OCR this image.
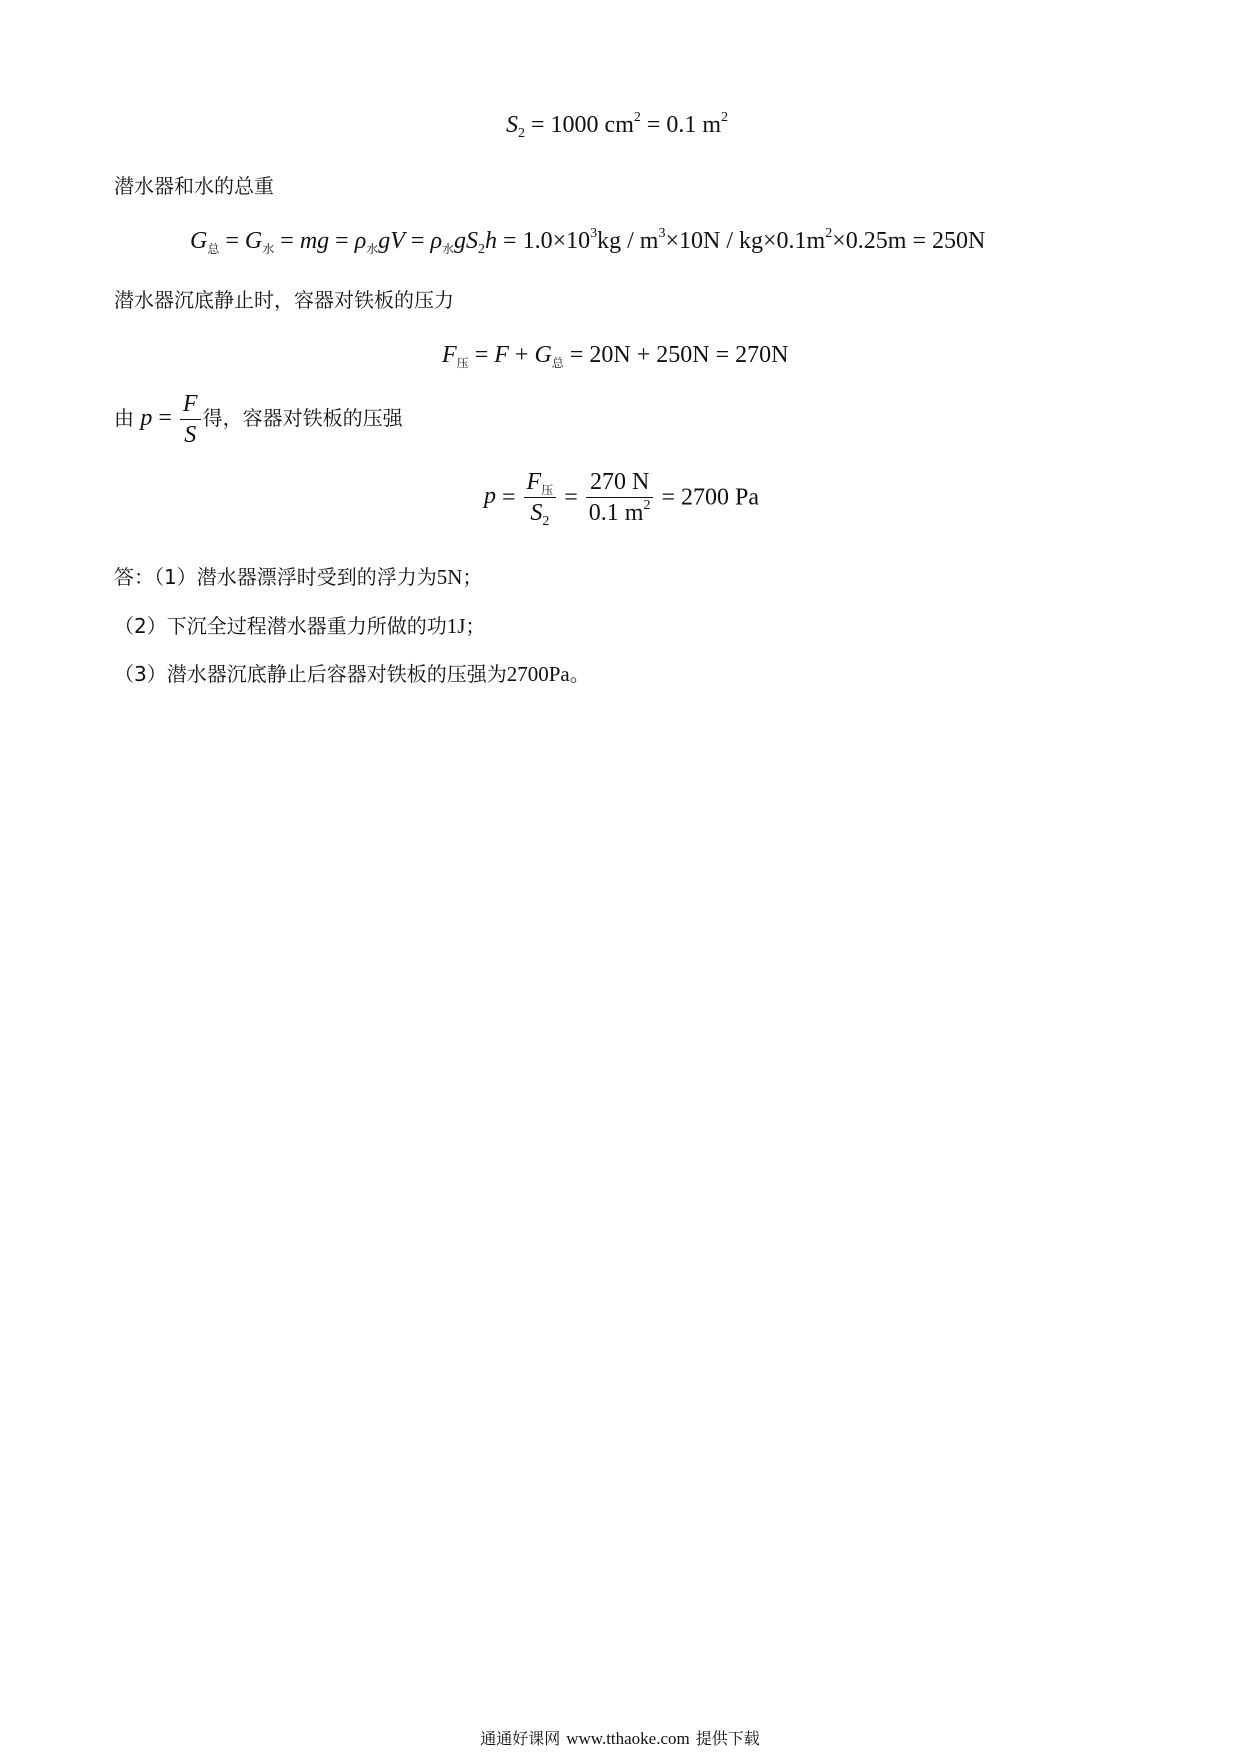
$S_2 = 1000$ $cm^2 = 0.1$ $m^2$
潜水器和水的总重
$G_总 = G_水$ = mg = $\rho_水gV = \rho_水gS_2h = 1.0\times 10^3kg / m^3\times 10N / kg\times 0.1m^2\times 0.25m = 250N$
潜水器沉底静止时，容器对铁板的压力
$F_压 = F + G_总 = 20N + 250N = 270N$
由 $p = \frac{F}{S}$ 得，容器对铁板的压强
$p = \frac{F_压}{S_2} = \frac{270 N}{0.1 m^2} = 2700$ Pa
答：（1）潜水器漂浮时受到的浮力为5N；
（2）下沉全过程潜水器重力所做的功1J；
（3）潜水器沉底静止后容器对铁板的压强为2700Pa。
通通好课网 www.tthaoke.com 提供下载
